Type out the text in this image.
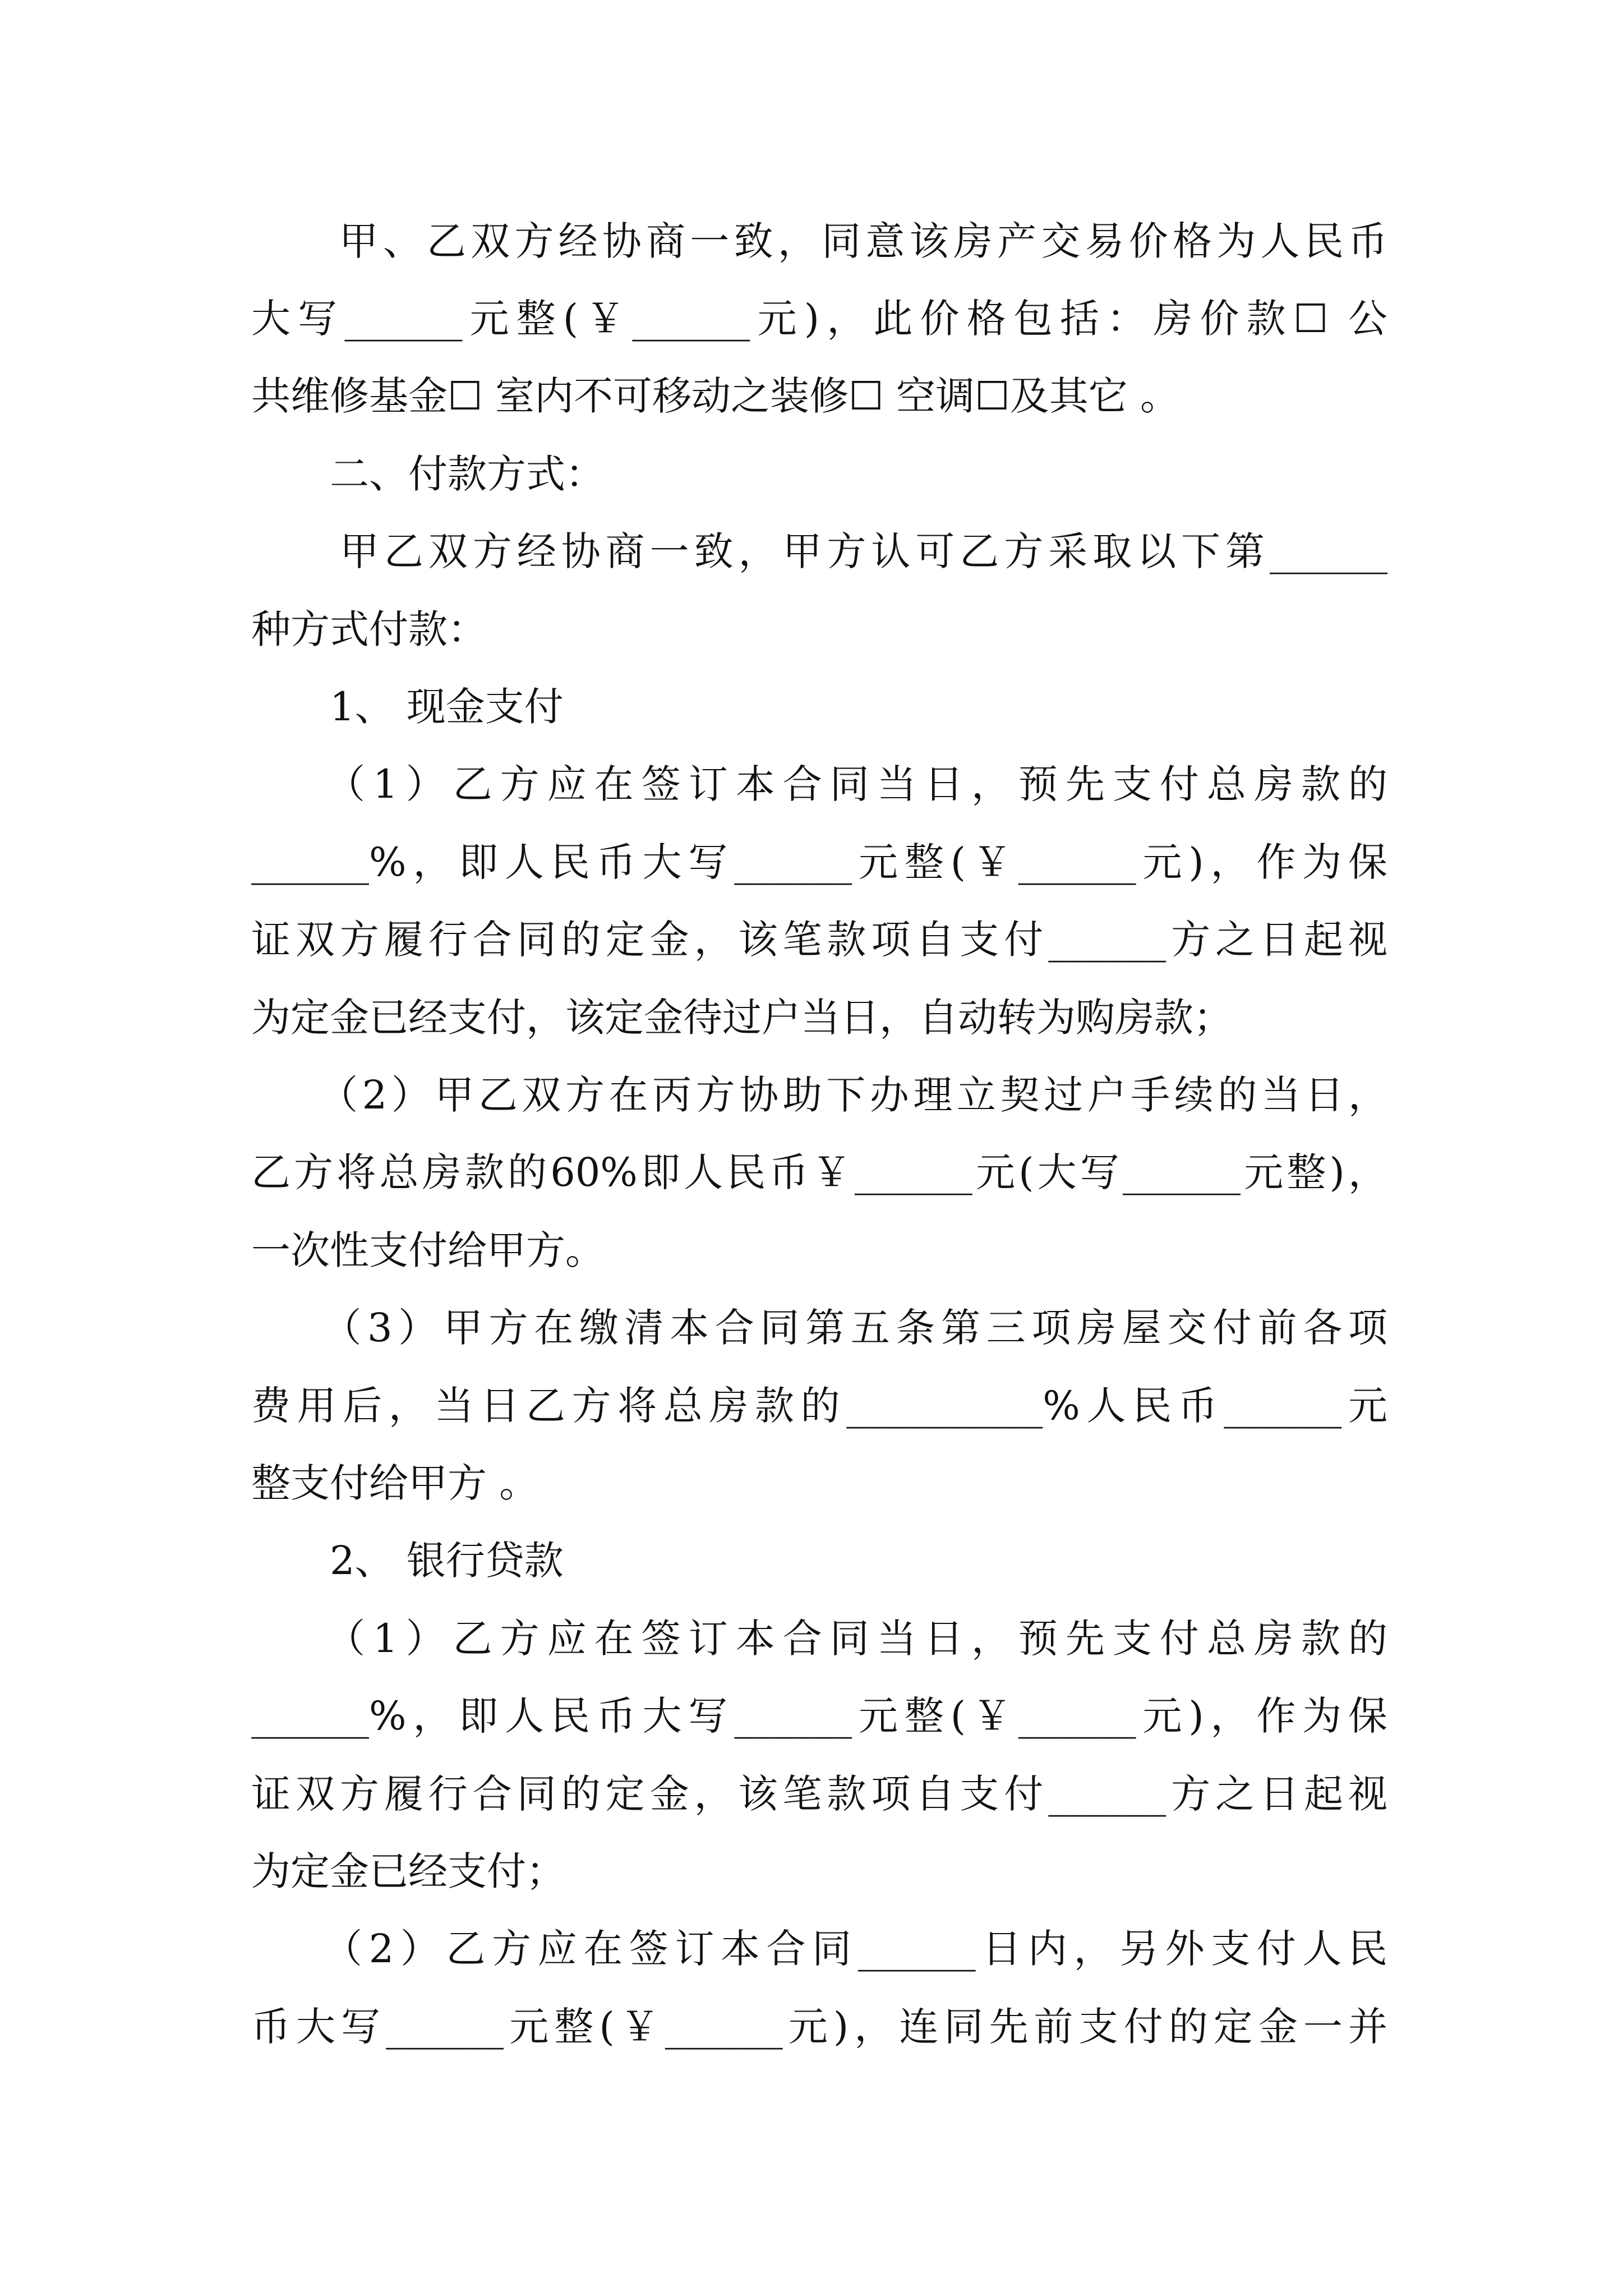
　　甲、乙双方经协商一致，同意该房产交易价格为人民币
大写______元整(￥______元)，此价格包括：房价款☐ 公
共维修基金☐ 室内不可移动之装修☐ 空调☐及其它 。
　　二、付款方式：
　　甲乙双方经协商一致，甲方认可乙方采取以下第______
种方式付款：
　　1、 现金支付
　　（1）乙方应在签订本合同当日，预先支付总房款的
______%，即人民币大写______元整(￥______元)，作为保
证双方履行合同的定金，该笔款项自支付______方之日起视
为定金已经支付，该定金待过户当日，自动转为购房款；
　　（2）甲乙双方在丙方协助下办理立契过户手续的当日，
乙方将总房款的60%即人民币￥______元(大写______元整)，
一次性支付给甲方。
　　（3）甲方在缴清本合同第五条第三项房屋交付前各项
费用后，当日乙方将总房款的__________%人民币______元
整支付给甲方 。
　　2、 银行贷款
　　（1）乙方应在签订本合同当日，预先支付总房款的
______%，即人民币大写______元整(￥______元)，作为保
证双方履行合同的定金，该笔款项自支付______方之日起视
为定金已经支付；
　　（2）乙方应在签订本合同______日内，另外支付人民
币大写______元整(￥______元)，连同先前支付的定金一并
